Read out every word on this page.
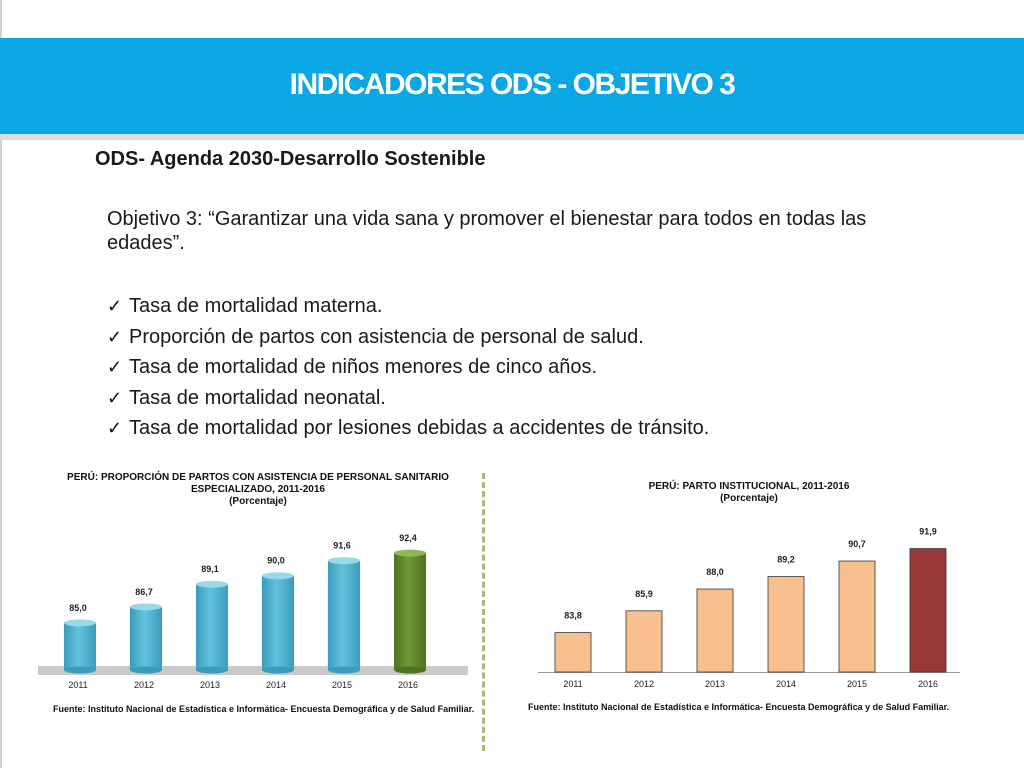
INDICADORES ODS - OBJETIVO 3
ODS- Agenda 2030-Desarrollo Sostenible
Objetivo 3: “Garantizar una vida sana y promover el bienestar para todos en todas las edades”.
✓ Tasa de mortalidad materna.
✓ Proporción de partos con asistencia de personal de salud.
✓ Tasa de mortalidad de niños menores de cinco años.
✓ Tasa de mortalidad neonatal.
✓ Tasa de mortalidad por lesiones debidas a accidentes de tránsito.
PERÚ: PROPORCIÓN DE PARTOS CON ASISTENCIA DE PERSONAL SANITARIO ESPECIALIZADO, 2011-2016
(Porcentaje)
85,0
2011
86,7
2012
89,1
2013
90,0
2014
91,6
2015
92,4
2016
Fuente: Instituto Nacional de Estadística e Informática- Encuesta Demográfica y de Salud Familiar.
PERÚ: PARTO INSTITUCIONAL, 2011-2016
(Porcentaje)
83,8
2011
85,9
2012
88,0
2013
89,2
2014
90,7
2015
91,9
2016
Fuente: Instituto Nacional de Estadística e Informática- Encuesta Demográfica y de Salud Familiar.
